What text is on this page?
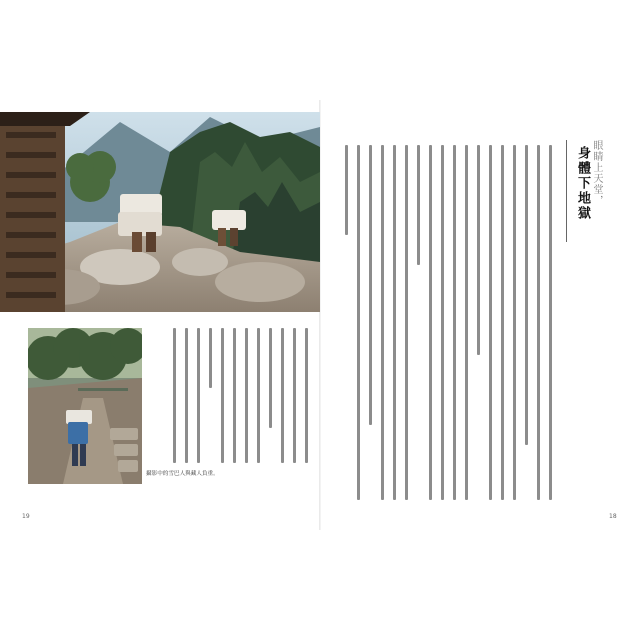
眼睛上天堂，
身體下地獄
攝影中的雪巴人與藏人負重。
19	18
